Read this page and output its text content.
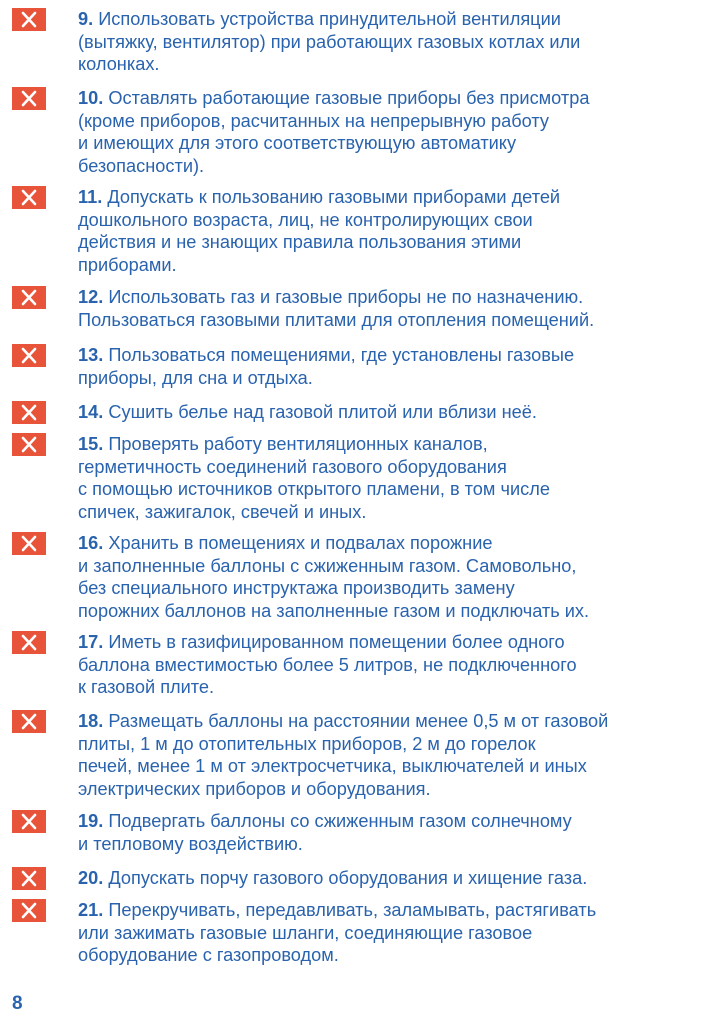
9. Использовать устройства принудительной вентиляции
(вытяжку, вентилятор) при работающих газовых котлах или
колонках.
10. Оставлять работающие газовые приборы без присмотра
(кроме приборов, расчитанных на непрерывную работу
и имеющих для этого соответствующую автоматику
безопасности).
11. Допускать к пользованию газовыми приборами детей
дошкольного возраста, лиц, не контролирующих свои
действия и не знающих правила пользования этими
приборами.
12. Использовать газ и газовые приборы не по назначению.
Пользоваться газовыми плитами для отопления помещений.
13. Пользоваться помещениями, где установлены газовые
приборы, для сна и отдыха.
14. Сушить белье над газовой плитой или вблизи неё.
15. Проверять работу вентиляционных каналов,
герметичность соединений газового оборудования
с помощью источников открытого пламени, в том числе
спичек, зажигалок, свечей и иных.
16. Хранить в помещениях и подвалах порожние
и заполненные баллоны с сжиженным газом. Самовольно,
без специального инструктажа производить замену
порожних баллонов на заполненные газом и подключать их.
17. Иметь в газифицированном помещении более одного
баллона вместимостью более 5 литров, не подключенного
к газовой плите.
18. Размещать баллоны на расстоянии менее 0,5 м от газовой
плиты, 1 м до отопительных приборов, 2 м до горелок
печей, менее 1 м от электросчетчика, выключателей и иных
электрических приборов и оборудования.
19. Подвергать баллоны со сжиженным газом солнечному
и тепловому воздействию.
20. Допускать порчу газового оборудования и хищение газа.
21. Перекручивать, передавливать, заламывать, растягивать
или зажимать газовые шланги, соединяющие газовое
оборудование с газопроводом.
8
